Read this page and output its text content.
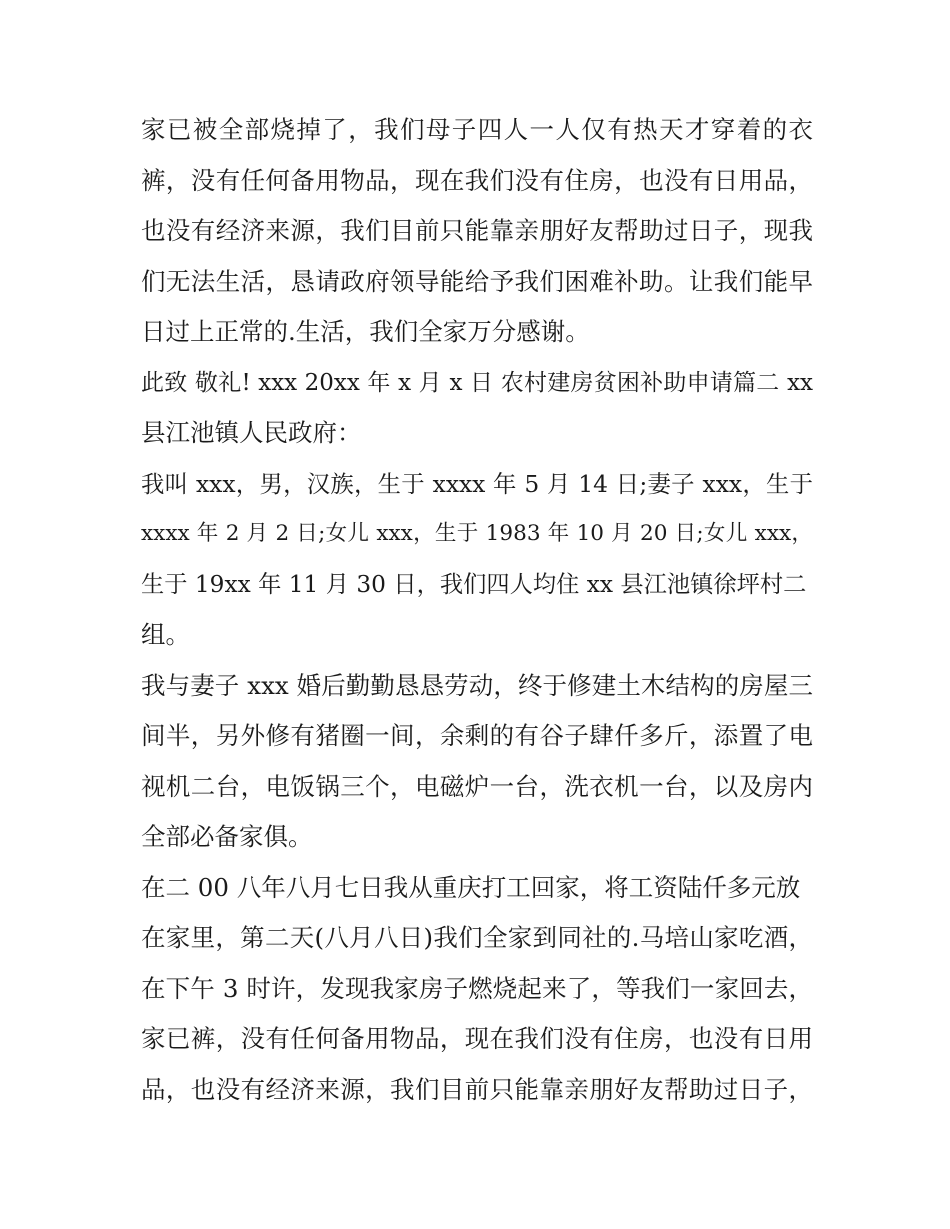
家已被全部烧掉了，我们母子四人一人仅有热天才穿着的衣
裤，没有任何备用物品，现在我们没有住房，也没有日用品，
也没有经济来源，我们目前只能靠亲朋好友帮助过日子，现我
们无法生活，恳请政府领导能给予我们困难补助。让我们能早
日过上正常的.生活，我们全家万分感谢。
此致 敬礼! xxx 20xx 年 x 月 x 日 农村建房贫困补助申请篇二 xx
县江池镇人民政府：
我叫 xxx，男，汉族，生于 xxxx 年 5 月 14 日;妻子 xxx，生于
xxxx 年 2 月 2 日;女儿 xxx，生于 1983 年 10 月 20 日;女儿 xxx，
生于 19xx 年 11 月 30 日，我们四人均住 xx 县江池镇徐坪村二
组。
我与妻子 xxx 婚后勤勤恳恳劳动，终于修建土木结构的房屋三
间半，另外修有猪圈一间，余剩的有谷子肆仟多斤，添置了电
视机二台，电饭锅三个，电磁炉一台，洗衣机一台，以及房内
全部必备家俱。
在二 00 八年八月七日我从重庆打工回家，将工资陆仟多元放
在家里，第二天(八月八日)我们全家到同社的.马培山家吃酒，
在下午 3 时许，发现我家房子燃烧起来了，等我们一家回去，
家已裤，没有任何备用物品，现在我们没有住房，也没有日用
品，也没有经济来源，我们目前只能靠亲朋好友帮助过日子，
